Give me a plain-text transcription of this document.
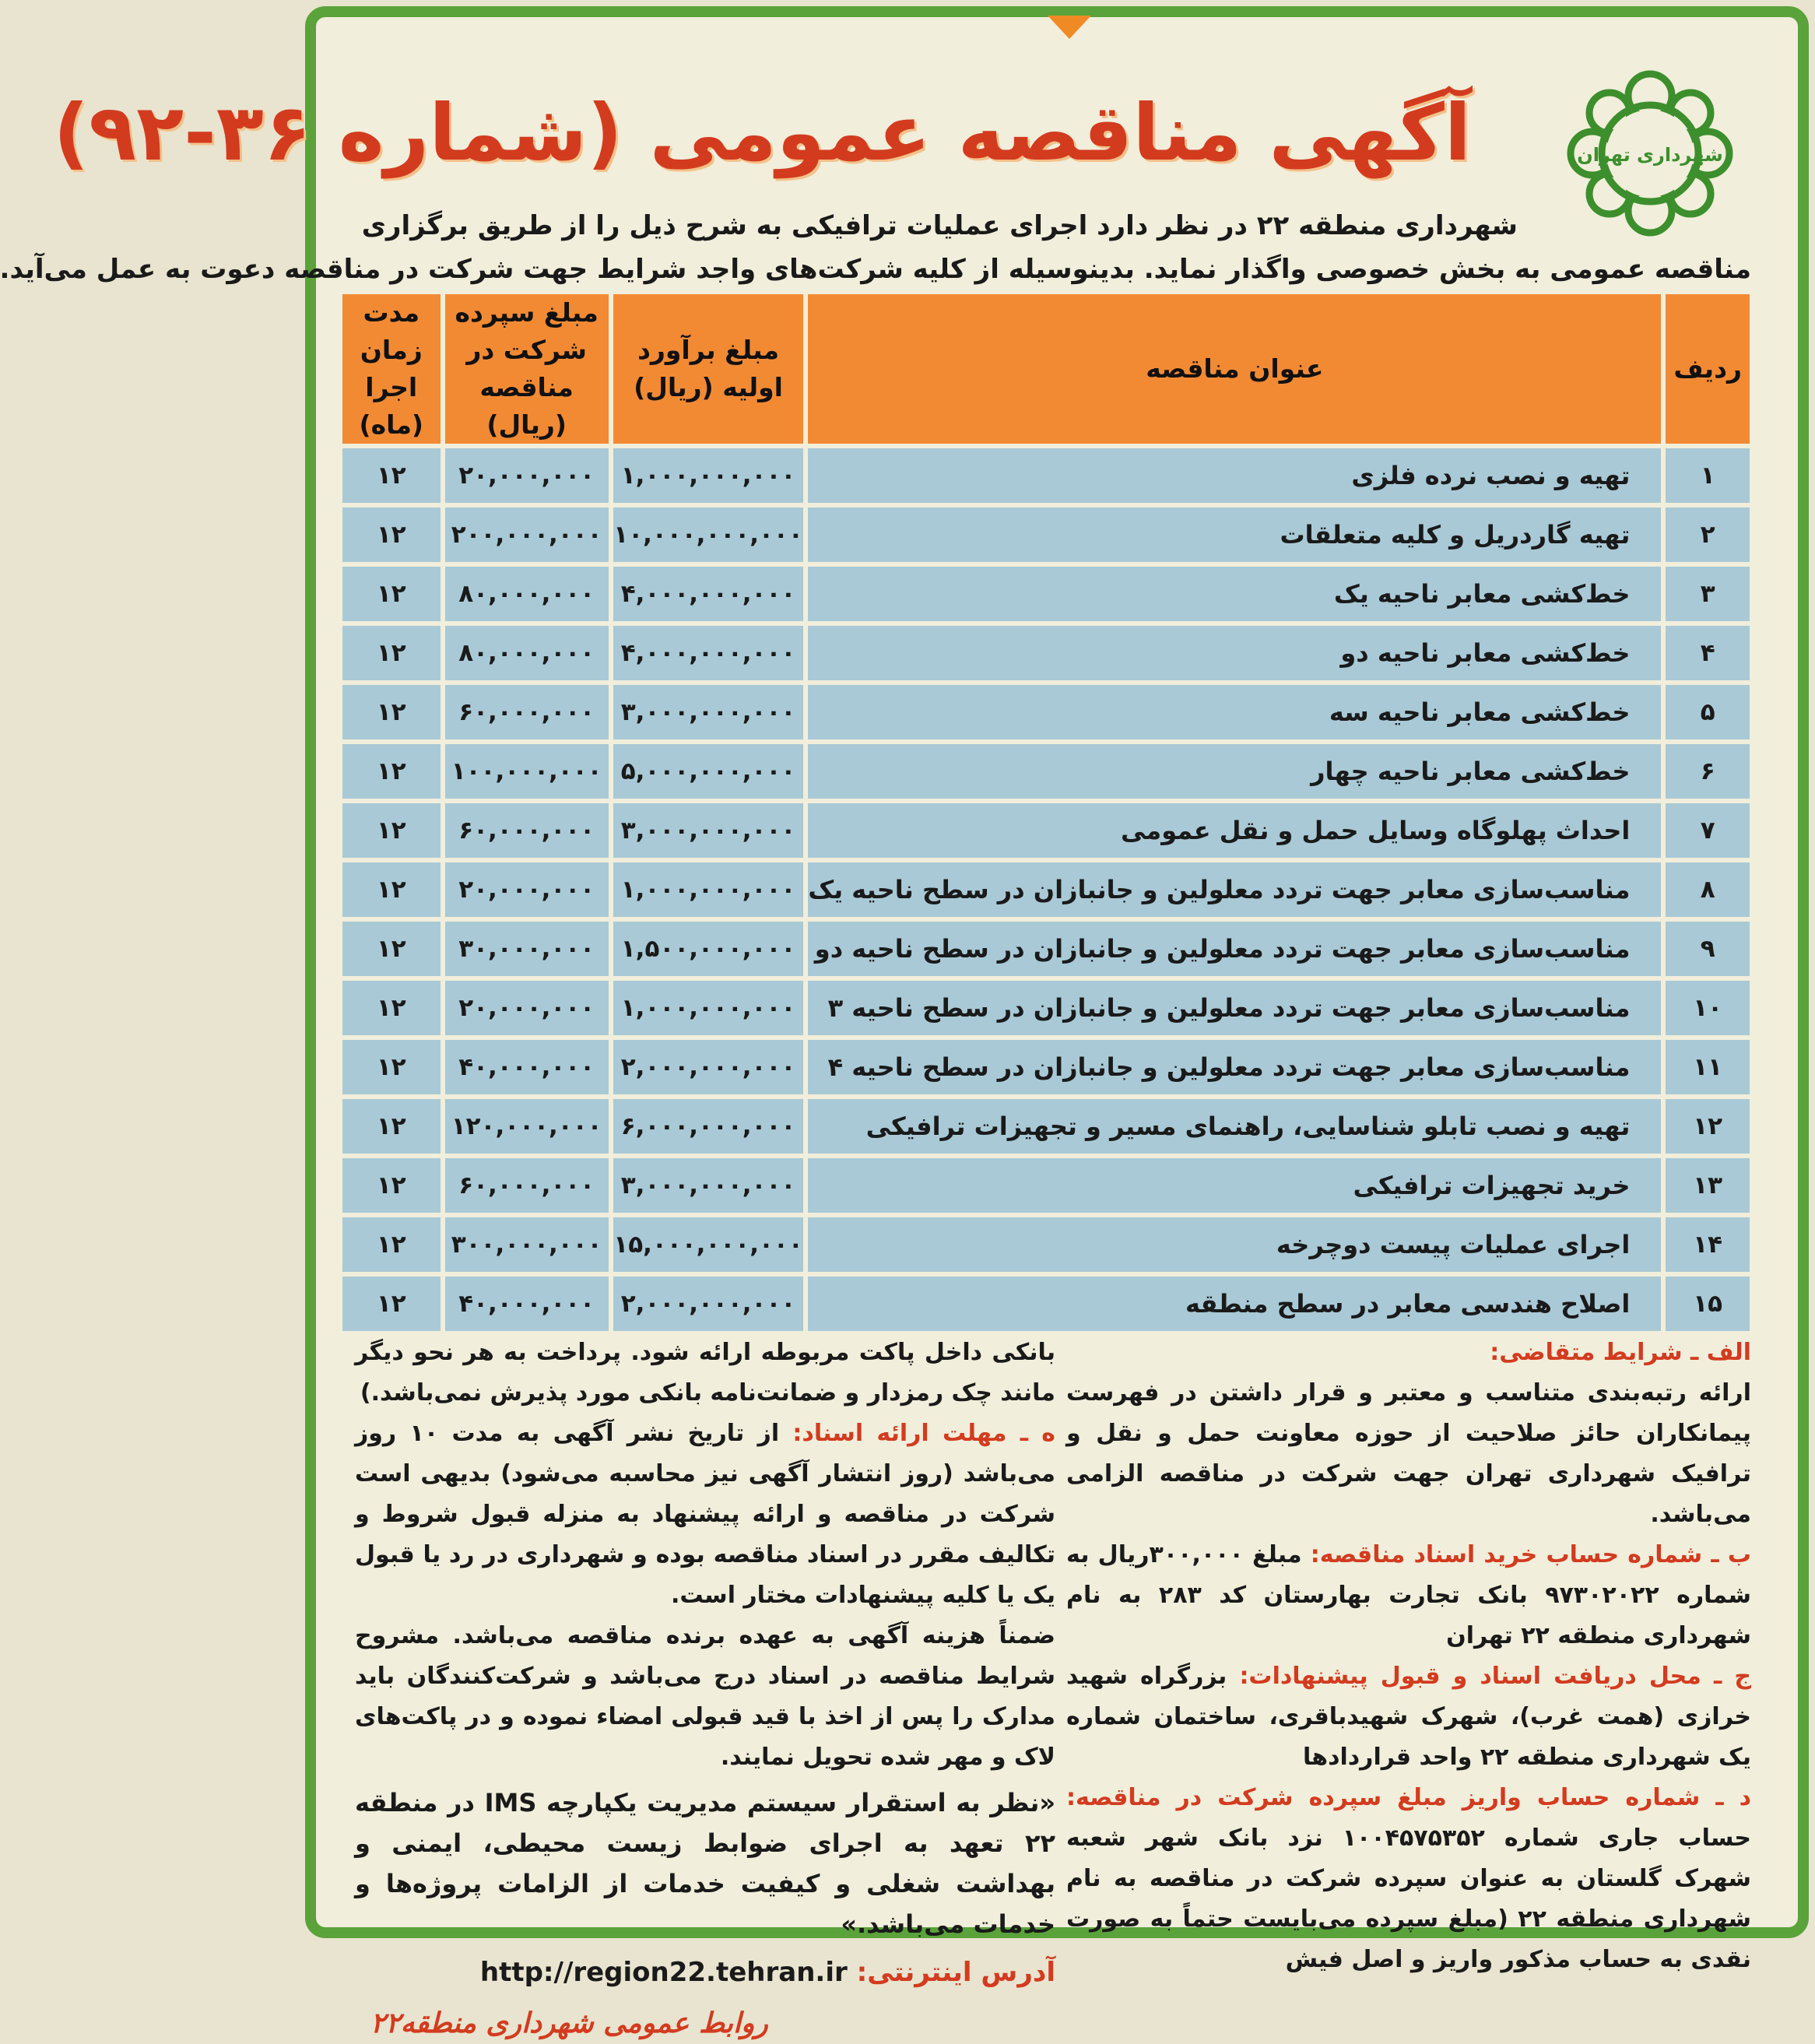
شهرداری تهران
آگهی مناقصه عمومی (شماره ۳۶-۹۲)

شهرداری منطقه ۲۲ در نظر دارد اجرای عملیات ترافیکی به شرح ذیل را از طریق برگزاری

مناقصه عمومی به بخش خصوصی واگذار نماید. بدینوسیله از کلیه شرکت‌های واجد شرایط جهت شرکت در مناقصه دعوت به عمل می‌آید.

ردیف	عنوان مناقصه	مبلغ برآورد اولیه (ریال)	مبلغ سپرده شرکت در مناقصه (ریال)	مدت زمان اجرا (ماه)
۱	تهیه و نصب نرده فلزی	۱,۰۰۰,۰۰۰,۰۰۰	۲۰,۰۰۰,۰۰۰	۱۲
۲	تهیه گاردریل و کلیه متعلقات	۱۰,۰۰۰,۰۰۰,۰۰۰	۲۰۰,۰۰۰,۰۰۰	۱۲
۳	خط‌کشی معابر ناحیه یک	۴,۰۰۰,۰۰۰,۰۰۰	۸۰,۰۰۰,۰۰۰	۱۲
۴	خط‌کشی معابر ناحیه دو	۴,۰۰۰,۰۰۰,۰۰۰	۸۰,۰۰۰,۰۰۰	۱۲
۵	خط‌کشی معابر ناحیه سه	۳,۰۰۰,۰۰۰,۰۰۰	۶۰,۰۰۰,۰۰۰	۱۲
۶	خط‌کشی معابر ناحیه چهار	۵,۰۰۰,۰۰۰,۰۰۰	۱۰۰,۰۰۰,۰۰۰	۱۲
۷	احداث پهلوگاه وسایل حمل و نقل عمومی	۳,۰۰۰,۰۰۰,۰۰۰	۶۰,۰۰۰,۰۰۰	۱۲
۸	مناسب‌سازی معابر جهت تردد معلولین و جانبازان در سطح ناحیه یک	۱,۰۰۰,۰۰۰,۰۰۰	۲۰,۰۰۰,۰۰۰	۱۲
۹	مناسب‌سازی معابر جهت تردد معلولین و جانبازان در سطح ناحیه دو	۱,۵۰۰,۰۰۰,۰۰۰	۳۰,۰۰۰,۰۰۰	۱۲
۱۰	مناسب‌سازی معابر جهت تردد معلولین و جانبازان در سطح ناحیه ۳	۱,۰۰۰,۰۰۰,۰۰۰	۲۰,۰۰۰,۰۰۰	۱۲
۱۱	مناسب‌سازی معابر جهت تردد معلولین و جانبازان در سطح ناحیه ۴	۲,۰۰۰,۰۰۰,۰۰۰	۴۰,۰۰۰,۰۰۰	۱۲
۱۲	تهیه و نصب تابلو شناسایی، راهنمای مسیر و تجهیزات ترافیکی	۶,۰۰۰,۰۰۰,۰۰۰	۱۲۰,۰۰۰,۰۰۰	۱۲
۱۳	خرید تجهیزات ترافیکی	۳,۰۰۰,۰۰۰,۰۰۰	۶۰,۰۰۰,۰۰۰	۱۲
۱۴	اجرای عملیات پیست دوچرخه	۱۵,۰۰۰,۰۰۰,۰۰۰	۳۰۰,۰۰۰,۰۰۰	۱۲
۱۵	اصلاح هندسی معابر در سطح منطقه	۲,۰۰۰,۰۰۰,۰۰۰	۴۰,۰۰۰,۰۰۰	۱۲

الف ـ شرایط متقاضی:
ارائه رتبه‌بندی متناسب و معتبر و قرار داشتن در فهرست پیمانکاران حائز صلاحیت از حوزه معاونت حمل و نقل و ترافیک شهرداری تهران جهت شرکت در مناقصه الزامی می‌باشد.

ب ـ شماره حساب خرید اسناد مناقصه: مبلغ ۳۰۰,۰۰۰ریال به شماره ۹۷۳۰۲۰۲۲ بانک تجارت بهارستان کد ۲۸۳ به نام شهرداری منطقه ۲۲ تهران

ج ـ محل دریافت اسناد و قبول پیشنهادات: بزرگراه شهید خرازی (همت غرب)، شهرک شهیدباقری، ساختمان شماره یک شهرداری منطقه ۲۲ واحد قراردادها

د ـ شماره حساب واریز مبلغ سپرده شرکت در مناقصه: حساب جاری شماره ۱۰۰۴۵۷۵۳۵۲ نزد بانک شهر شعبه شهرک گلستان به عنوان سپرده شرکت در مناقصه به نام شهرداری منطقه ۲۲ (مبلغ سپرده می‌بایست حتماً به صورت نقدی به حساب مذکور واریز و اصل فیش

بانکی داخل پاکت مربوطه ارائه شود. پرداخت به هر نحو دیگر مانند چک رمزدار و ضمانت‌نامه بانکی مورد پذیرش نمی‌باشد.)

ه ـ مهلت ارائه اسناد: از تاریخ نشر آگهی به مدت ۱۰ روز می‌باشد (روز انتشار آگهی نیز محاسبه می‌شود) بدیهی است شرکت در مناقصه و ارائه پیشنهاد به منزله قبول شروط و تکالیف مقرر در اسناد مناقصه بوده و شهرداری در رد یا قبول یک یا کلیه پیشنهادات مختار است.

ضمناً هزینه آگهی به عهده برنده مناقصه می‌باشد. مشروح شرایط مناقصه در اسناد درج می‌باشد و شرکت‌کنندگان باید مدارک را پس از اخذ با قید قبولی امضاء نموده و در پاکت‌های لاک و مهر شده تحویل نمایند.

«نظر به استقرار سیستم مدیریت یکپارچه IMS در منطقه ۲۲ تعهد به اجرای ضوابط زیست محیطی، ایمنی و بهداشت شغلی و کیفیت خدمات از الزامات پروژه‌ها و خدمات می‌باشد.»

آدرس اینترنتی: http://region22.tehran.ir

روابط عمومی شهرداری منطقه۲۲
